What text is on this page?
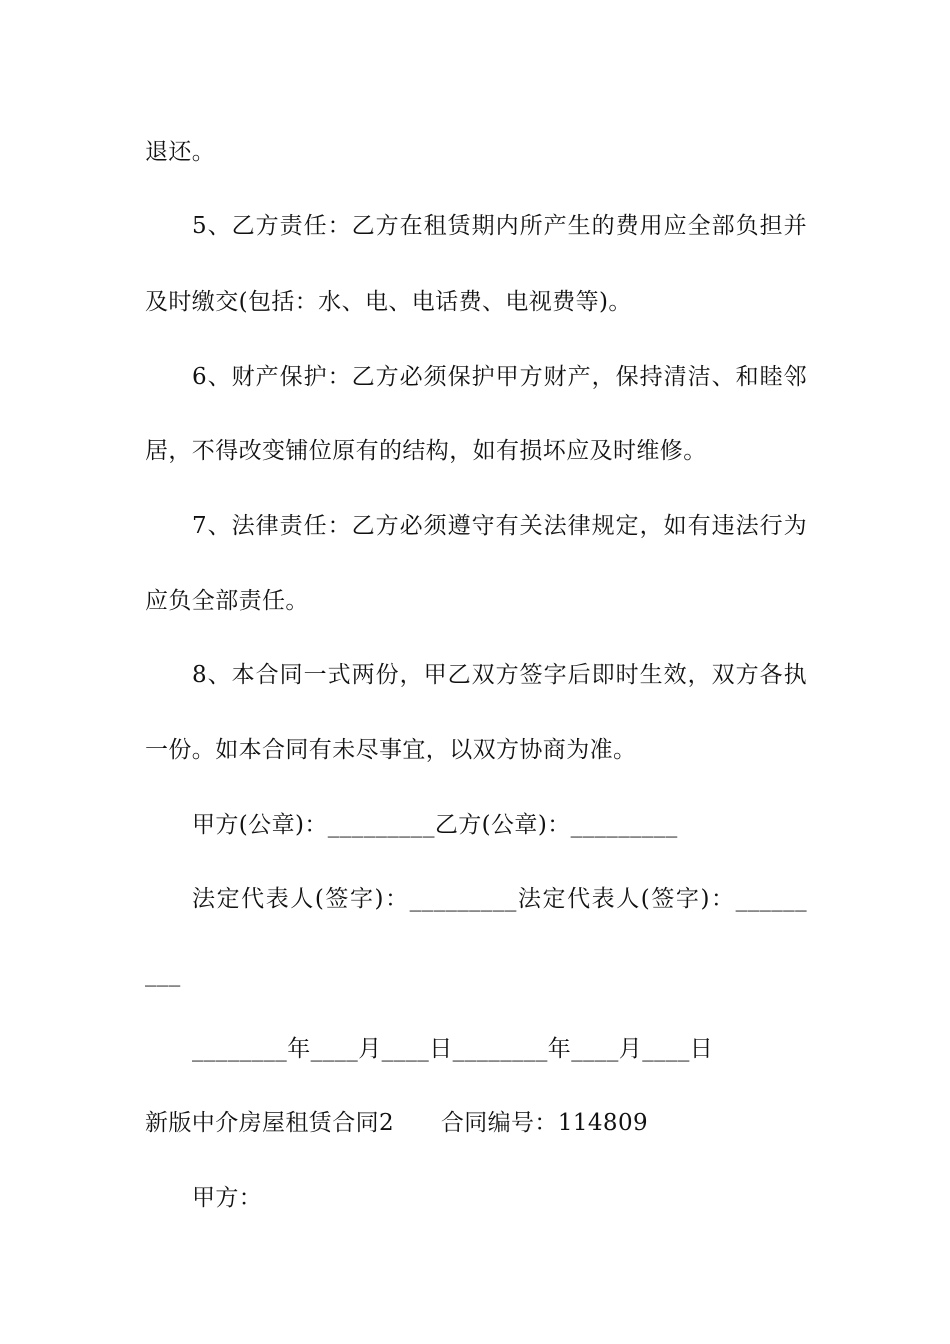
退还。
5、乙方责任：乙方在租赁期内所产生的费用应全部负担并
及时缴交(包括：水、电、电话费、电视费等)。
6、财产保护：乙方必须保护甲方财产，保持清洁、和睦邻
居，不得改变铺位原有的结构，如有损坏应及时维修。
7、法律责任：乙方必须遵守有关法律规定，如有违法行为
应负全部责任。
8、本合同一式两份，甲乙双方签字后即时生效，双方各执
一份。如本合同有未尽事宜，以双方协商为准。
甲方(公章)：_________乙方(公章)：_________
法定代表人(签字)：_________法定代表人(签字)：______
___
________年____月____日________年____月____日
新版中介房屋租赁合同2　　合同编号：114809
甲方：
